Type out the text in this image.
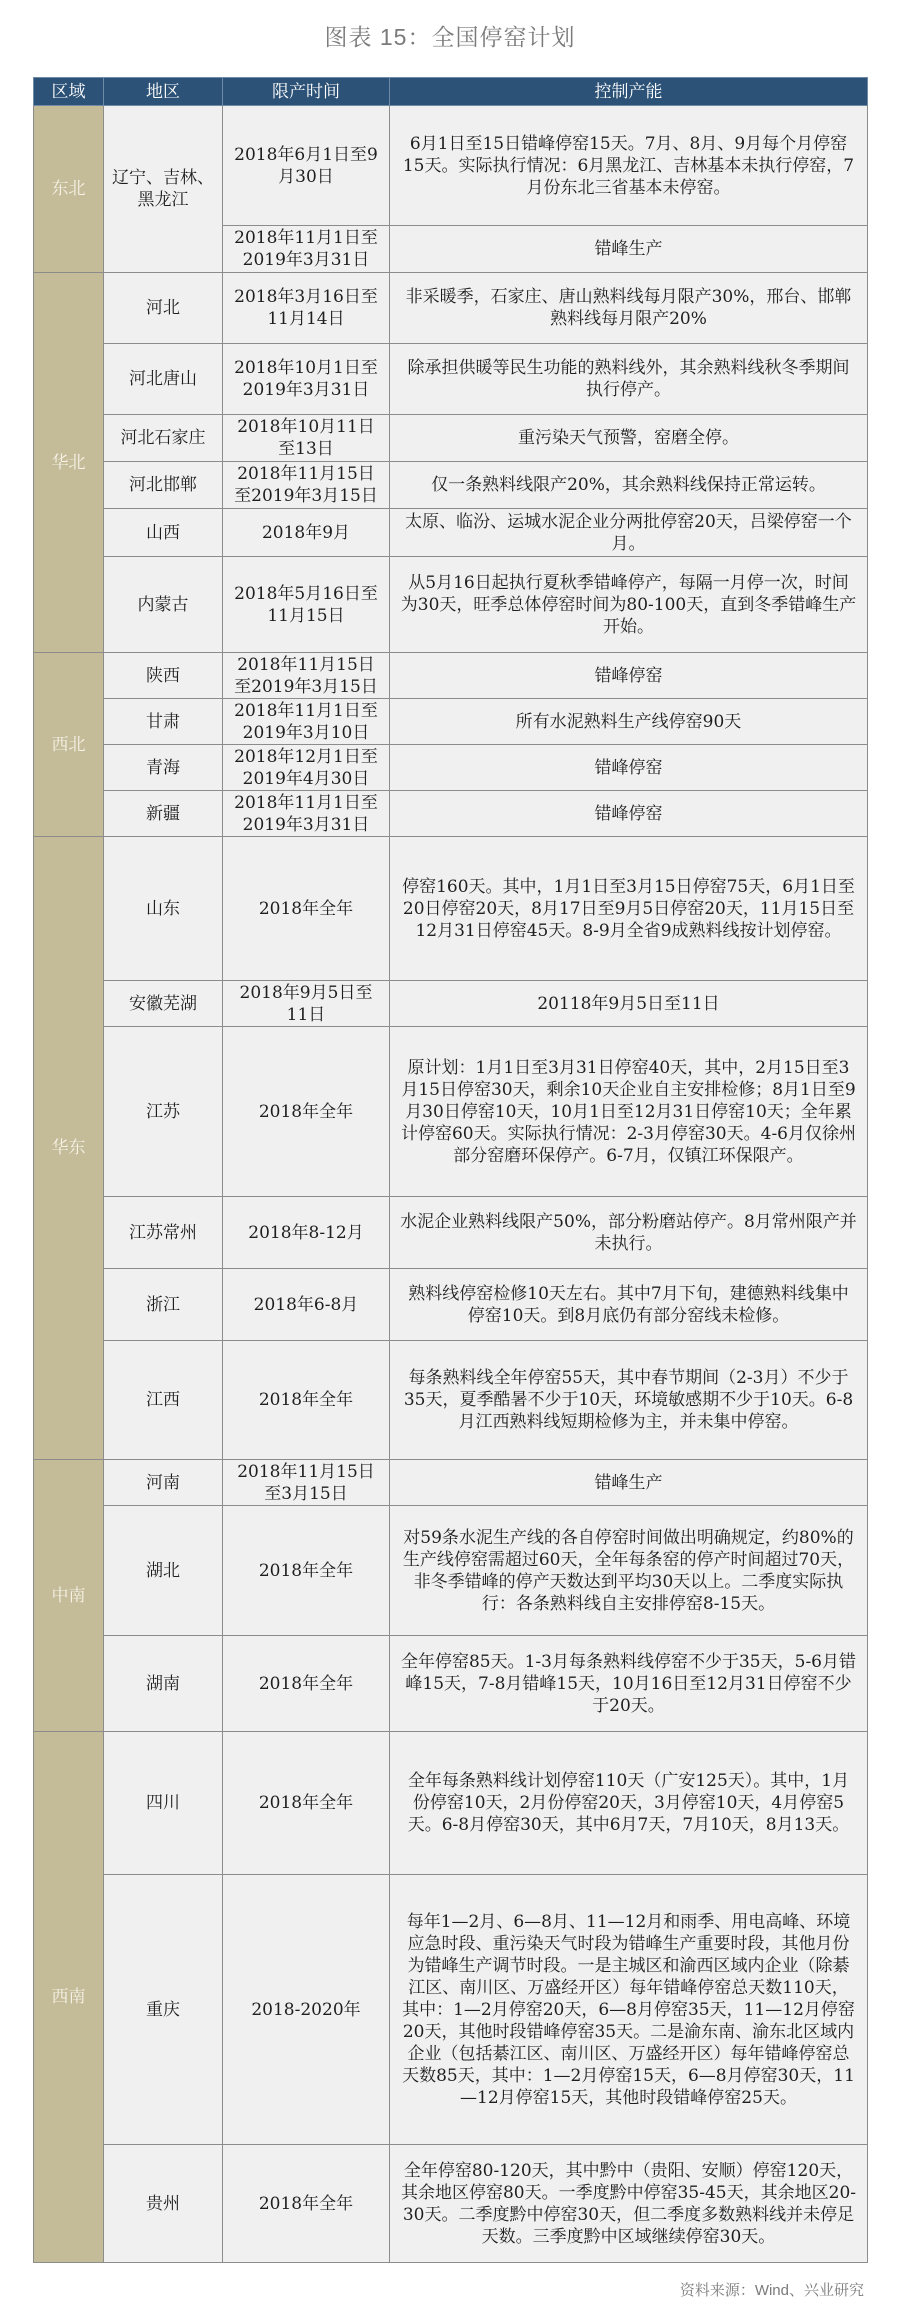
图表 15：全国停窑计划
区域	地区	限产时间	控制产能
东北	辽宁、吉林、黑龙江	2018年6月1日至9月30日	6月1日至15日错峰停窑15天。7月、8月、9月每个月停窑15天。实际执行情况：6月黑龙江、吉林基本未执行停窑，7月份东北三省基本未停窑。
		2018年11月1日至2019年3月31日	错峰生产
华北	河北	2018年3月16日至11月14日	非采暖季，石家庄、唐山熟料线每月限产30%，邢台、邯郸熟料线每月限产20%
	河北唐山	2018年10月1日至2019年3月31日	除承担供暖等民生功能的熟料线外，其余熟料线秋冬季期间执行停产。
	河北石家庄	2018年10月11日至13日	重污染天气预警，窑磨全停。
	河北邯郸	2018年11月15日至2019年3月15日	仅一条熟料线限产20%，其余熟料线保持正常运转。
	山西	2018年9月	太原、临汾、运城水泥企业分两批停窑20天，吕梁停窑一个月。
	内蒙古	2018年5月16日至11月15日	从5月16日起执行夏秋季错峰停产，每隔一月停一次，时间为30天，旺季总体停窑时间为80-100天，直到冬季错峰生产开始。
西北	陕西	2018年11月15日至2019年3月15日	错峰停窑
	甘肃	2018年11月1日至2019年3月10日	所有水泥熟料生产线停窑90天
	青海	2018年12月1日至2019年4月30日	错峰停窑
	新疆	2018年11月1日至2019年3月31日	错峰停窑
华东	山东	2018年全年	停窑160天。其中，1月1日至3月15日停窑75天，6月1日至20日停窑20天，8月17日至9月5日停窑20天，11月15日至12月31日停窑45天。8-9月全省9成熟料线按计划停窑。
	安徽芜湖	2018年9月5日至11日	20118年9月5日至11日
	江苏	2018年全年	原计划：1月1日至3月31日停窑40天，其中，2月15日至3月15日停窑30天，剩余10天企业自主安排检修；8月1日至9月30日停窑10天，10月1日至12月31日停窑10天；全年累计停窑60天。实际执行情况：2-3月停窑30天。4-6月仅徐州部分窑磨环保停产。6-7月，仅镇江环保限产。
	江苏常州	2018年8-12月	水泥企业熟料线限产50%，部分粉磨站停产。8月常州限产并未执行。
	浙江	2018年6-8月	熟料线停窑检修10天左右。其中7月下旬，建德熟料线集中停窑10天。到8月底仍有部分窑线未检修。
	江西	2018年全年	每条熟料线全年停窑55天，其中春节期间（2-3月）不少于35天，夏季酷暑不少于10天，环境敏感期不少于10天。6-8月江西熟料线短期检修为主，并未集中停窑。
中南	河南	2018年11月15日至3月15日	错峰生产
	湖北	2018年全年	对59条水泥生产线的各自停窑时间做出明确规定，约80%的生产线停窑需超过60天，全年每条窑的停产时间超过70天，非冬季错峰的停产天数达到平均30天以上。二季度实际执行：各条熟料线自主安排停窑8-15天。
	湖南	2018年全年	全年停窑85天。1-3月每条熟料线停窑不少于35天，5-6月错峰15天，7-8月错峰15天，10月16日至12月31日停窑不少于20天。
西南	四川	2018年全年	全年每条熟料线计划停窑110天（广安125天）。其中，1月份停窑10天，2月份停窑20天，3月停窑10天，4月停窑5天。6-8月停窑30天，其中6月7天，7月10天，8月13天。
	重庆	2018-2020年	每年1—2月、6—8月、11—12月和雨季、用电高峰、环境应急时段、重污染天气时段为错峰生产重要时段，其他月份为错峰生产调节时段。一是主城区和渝西区域内企业（除綦江区、南川区、万盛经开区）每年错峰停窑总天数110天，其中：1—2月停窑20天，6—8月停窑35天，11—12月停窑20天，其他时段错峰停窑35天。二是渝东南、渝东北区域内企业（包括綦江区、南川区、万盛经开区）每年错峰停窑总天数85天，其中：1—2月停窑15天，6—8月停窑30天，11—12月停窑15天，其他时段错峰停窑25天。
	贵州	2018年全年	全年停窑80-120天，其中黔中（贵阳、安顺）停窑120天，其余地区停窑80天。一季度黔中停窑35-45天，其余地区20-30天。二季度黔中停窑30天，但二季度多数熟料线并未停足天数。三季度黔中区域继续停窑30天。
资料来源：Wind、兴业研究
